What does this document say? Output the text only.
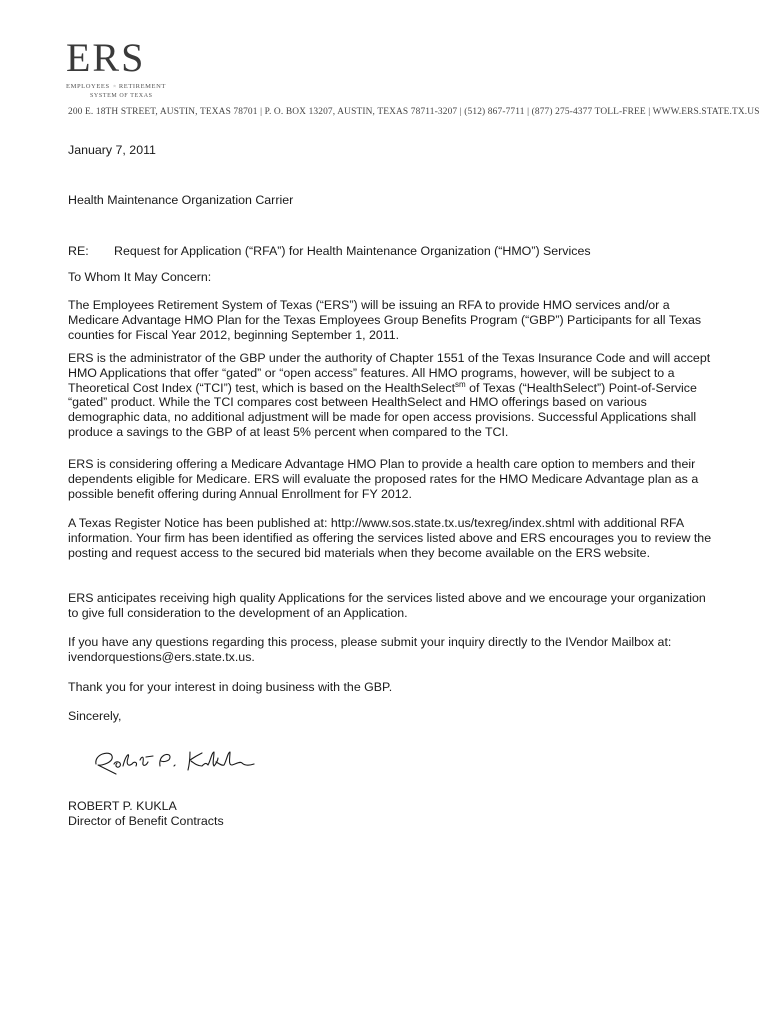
ERS
EMPLOYEES RETIREMENT
SYSTEM OF TEXAS
200 E. 18TH STREET, AUSTIN, TEXAS 78701 | P. O. BOX 13207, AUSTIN, TEXAS 78711-3207 | (512) 867-7711 | (877) 275-4377 TOLL-FREE | WWW.ERS.STATE.TX.US

January 7, 2011

Health Maintenance Organization Carrier

RE:	Request for Application (“RFA”) for Health Maintenance Organization (“HMO”) Services

To Whom It May Concern:

The Employees Retirement System of Texas (“ERS”) will be issuing an RFA to provide HMO services and/or a Medicare Advantage HMO Plan for the Texas Employees Group Benefits Program (“GBP”) Participants for all Texas counties for Fiscal Year 2012, beginning September 1, 2011.

ERS is the administrator of the GBP under the authority of Chapter 1551 of the Texas Insurance Code and will accept HMO Applications that offer “gated” or “open access” features. All HMO programs, however, will be subject to a Theoretical Cost Index (“TCI”) test, which is based on the HealthSelect$^{sm}$ of Texas (“HealthSelect”) Point-of-Service “gated” product. While the TCI compares cost between HealthSelect and HMO offerings based on various demographic data, no additional adjustment will be made for open access provisions. Successful Applications shall produce a savings to the GBP of at least 5% percent when compared to the TCI.

ERS is considering offering a Medicare Advantage HMO Plan to provide a health care option to members and their dependents eligible for Medicare. ERS will evaluate the proposed rates for the HMO Medicare Advantage plan as a possible benefit offering during Annual Enrollment for FY 2012.

A Texas Register Notice has been published at: http://www.sos.state.tx.us/texreg/index.shtml with additional RFA information. Your firm has been identified as offering the services listed above and ERS encourages you to review the posting and request access to the secured bid materials when they become available on the ERS website.

ERS anticipates receiving high quality Applications for the services listed above and we encourage your organization to give full consideration to the development of an Application.

If you have any questions regarding this process, please submit your inquiry directly to the IVendor Mailbox at: ivendorquestions@ers.state.tx.us.

Thank you for your interest in doing business with the GBP.

Sincerely,

ROBERT P. KUKLA

Director of Benefit Contracts
